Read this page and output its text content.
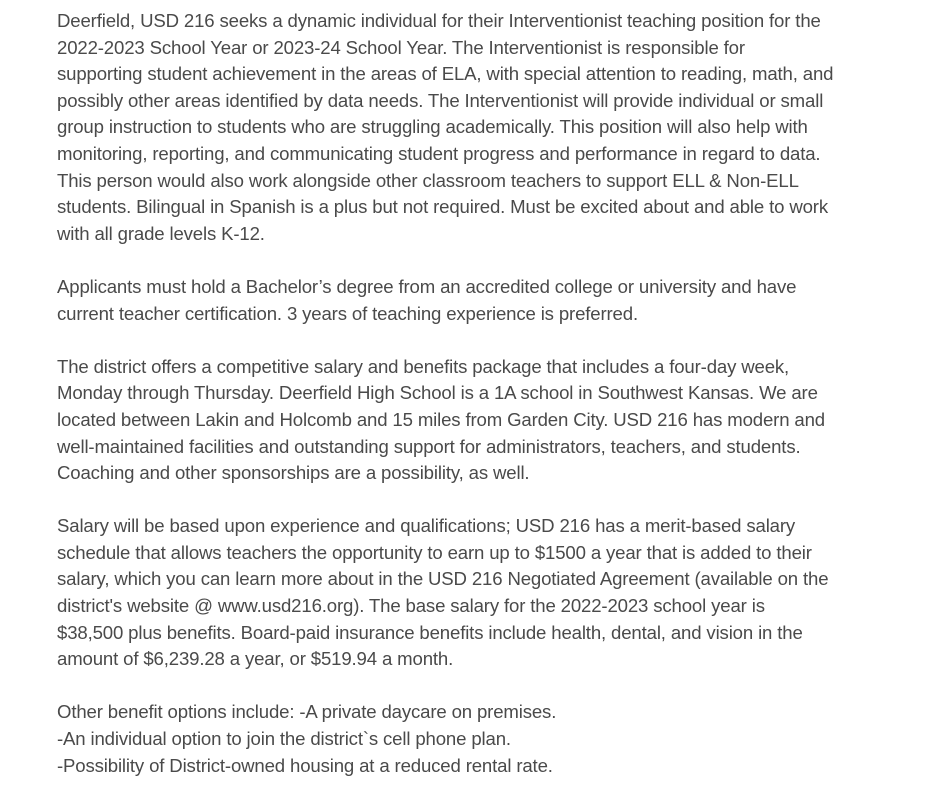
Deerfield, USD 216 seeks a dynamic individual for their Interventionist teaching position for the
2022-2023 School Year or 2023-24 School Year. The Interventionist is responsible for
supporting student achievement in the areas of ELA, with special attention to reading, math, and
possibly other areas identified by data needs. The Interventionist will provide individual or small
group instruction to students who are struggling academically. This position will also help with
monitoring, reporting, and communicating student progress and performance in regard to data.
This person would also work alongside other classroom teachers to support ELL & Non-ELL
students. Bilingual in Spanish is a plus but not required. Must be excited about and able to work
with all grade levels K-12.

Applicants must hold a Bachelor’s degree from an accredited college or university and have
current teacher certification. 3 years of teaching experience is preferred.

The district offers a competitive salary and benefits package that includes a four-day week,
Monday through Thursday. Deerfield High School is a 1A school in Southwest Kansas. We are
located between Lakin and Holcomb and 15 miles from Garden City. USD 216 has modern and
well-maintained facilities and outstanding support for administrators, teachers, and students.
Coaching and other sponsorships are a possibility, as well.

Salary will be based upon experience and qualifications; USD 216 has a merit-based salary
schedule that allows teachers the opportunity to earn up to $1500 a year that is added to their
salary, which you can learn more about in the USD 216 Negotiated Agreement (available on the
district's website @ www.usd216.org). The base salary for the 2022-2023 school year is
$38,500 plus benefits. Board-paid insurance benefits include health, dental, and vision in the
amount of $6,239.28 a year, or $519.94 a month.

Other benefit options include: -A private daycare on premises.
-An individual option to join the district`s cell phone plan.
-Possibility of District-owned housing at a reduced rental rate.
